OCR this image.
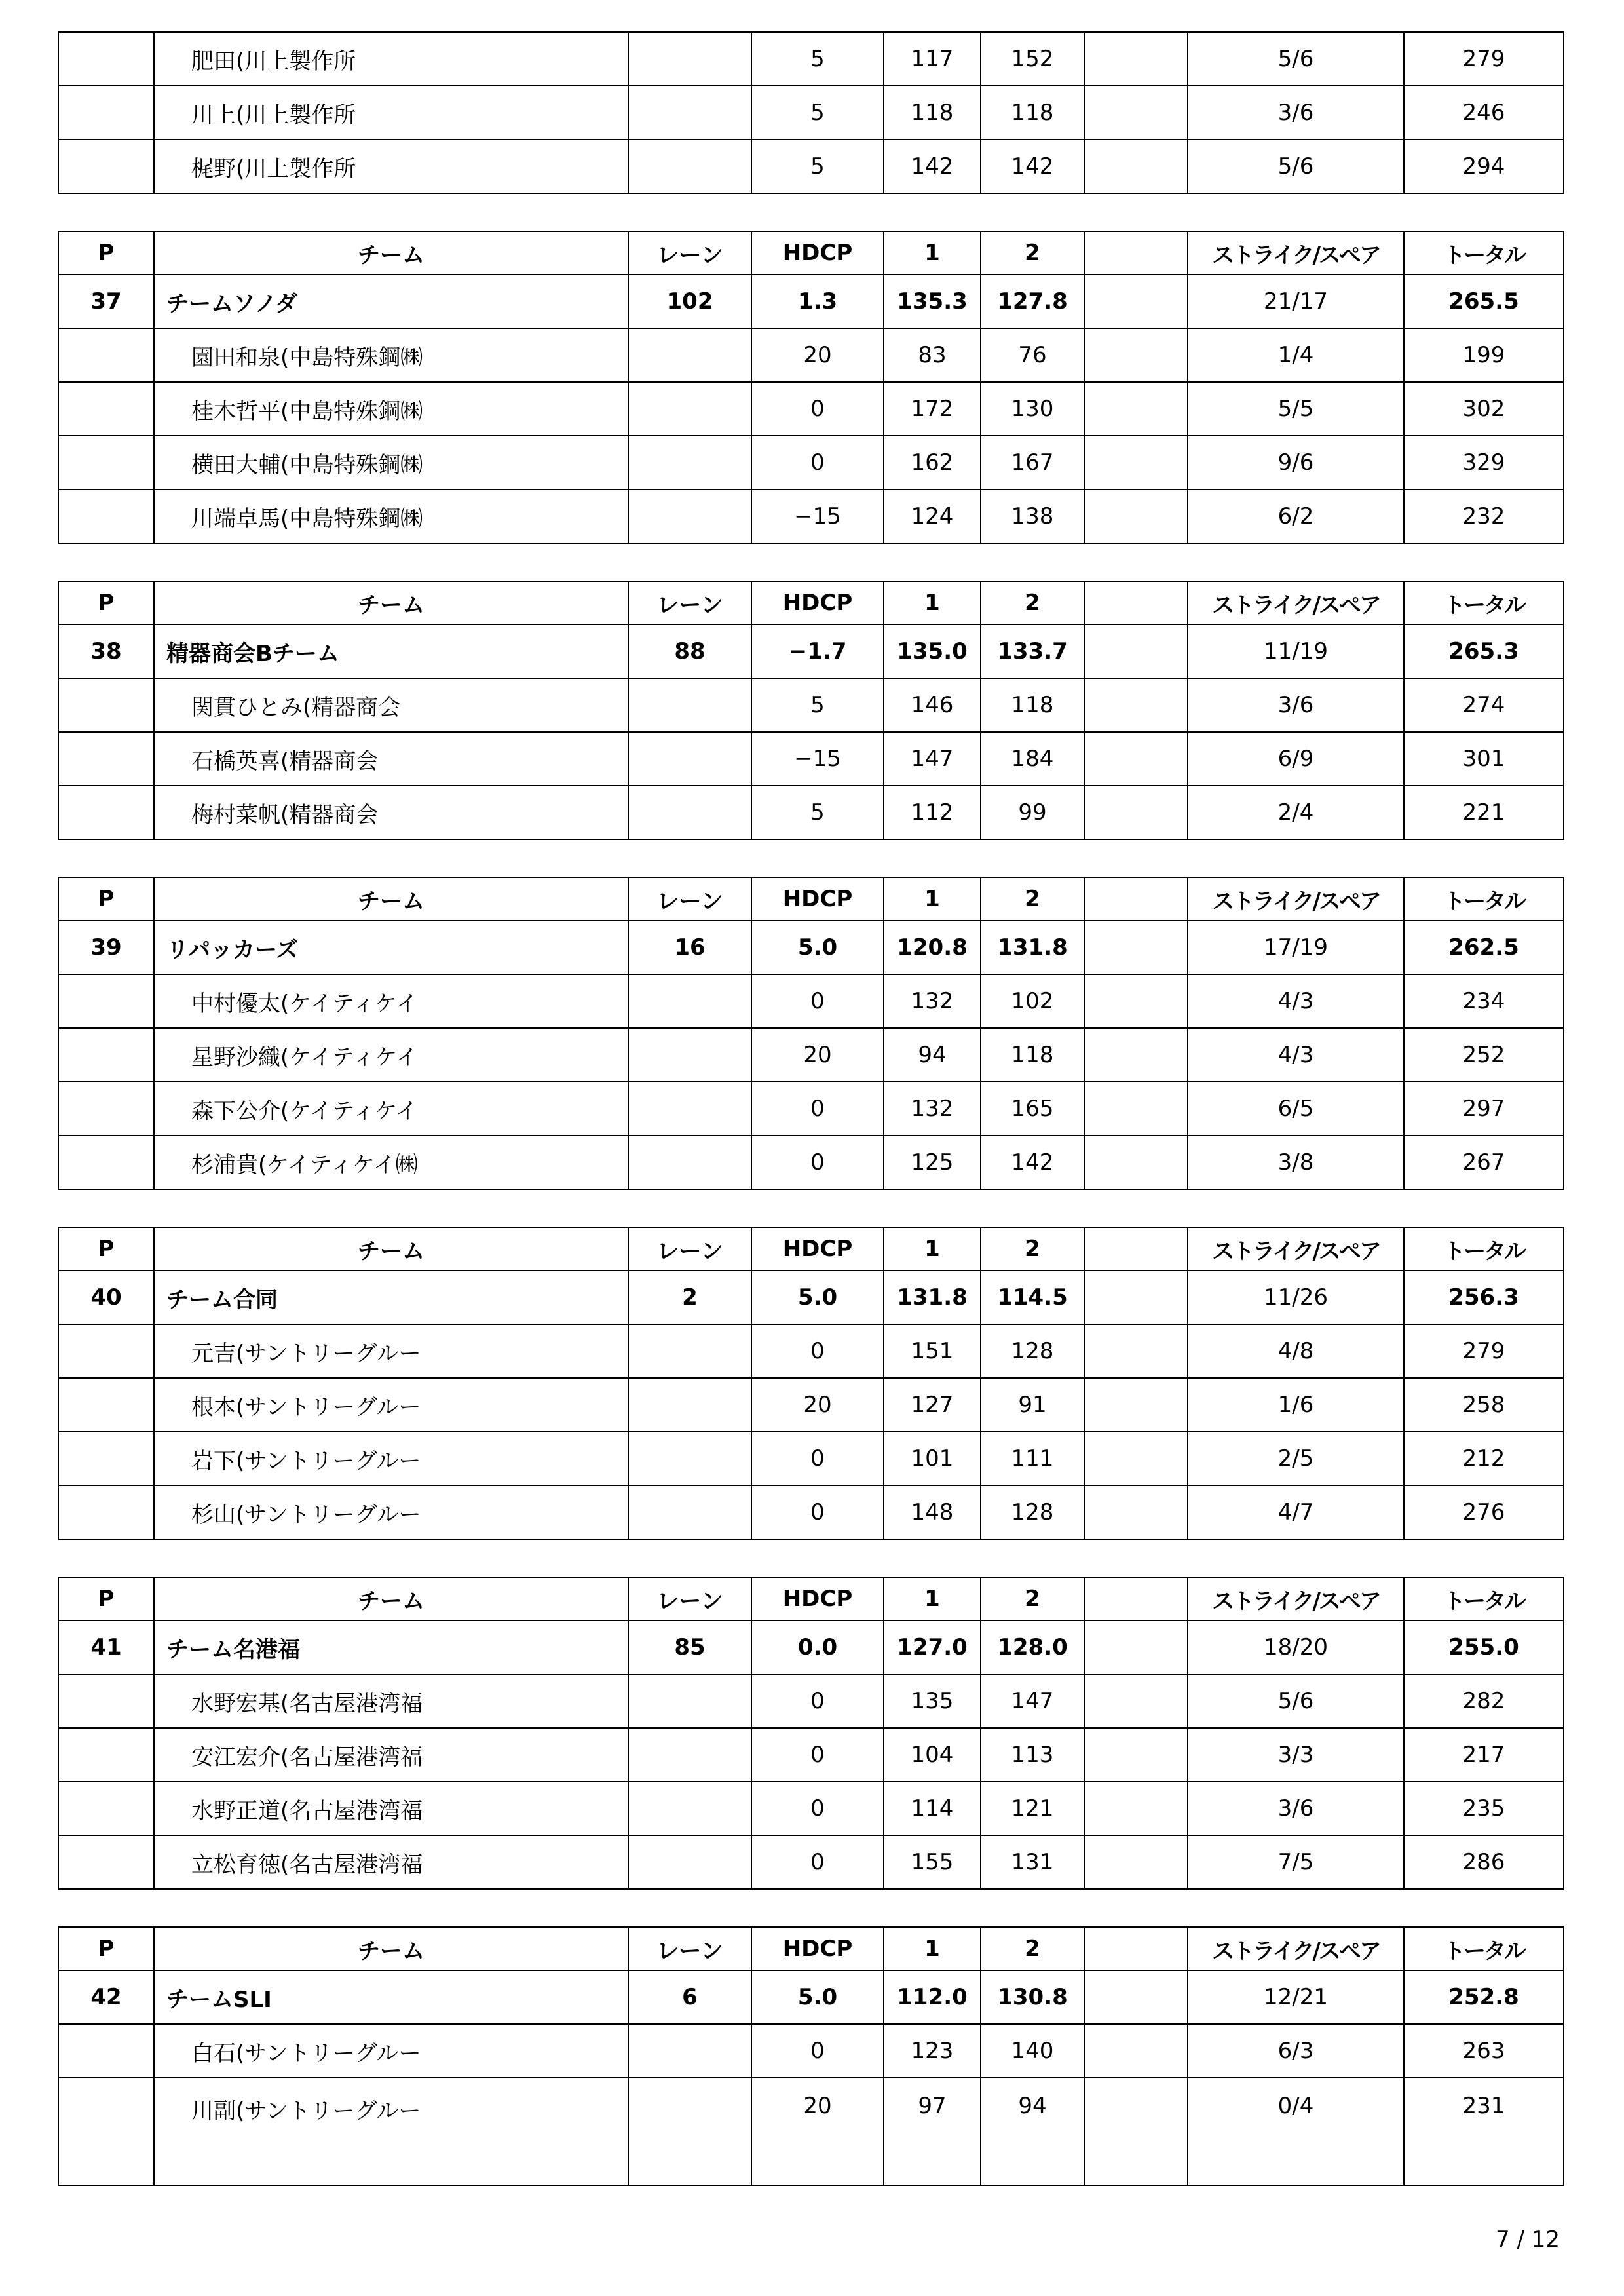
	肥田(川上製作所		5	117	152		5/6	279
	川上(川上製作所		5	118	118		3/6	246
	梶野(川上製作所		5	142	142		5/6	294
P	チーム	レーン	HDCP	1	2		ストライク/スペア	トータル
37	チームソノダ	102	1.3	135.3	127.8		21/17	265.5
	園田和泉(中島特殊鋼㈱		20	83	76		1/4	199
	桂木哲平(中島特殊鋼㈱		0	172	130		5/5	302
	横田大輔(中島特殊鋼㈱		0	162	167		9/6	329
	川端卓馬(中島特殊鋼㈱		−15	124	138		6/2	232
P	チーム	レーン	HDCP	1	2		ストライク/スペア	トータル
38	精器商会Bチーム	88	−1.7	135.0	133.7		11/19	265.3
	関貫ひとみ(精器商会		5	146	118		3/6	274
	石橋英喜(精器商会		−15	147	184		6/9	301
	梅村菜帆(精器商会		5	112	99		2/4	221
P	チーム	レーン	HDCP	1	2		ストライク/スペア	トータル
39	リパッカーズ	16	5.0	120.8	131.8		17/19	262.5
	中村優太(ケイティケイ		0	132	102		4/3	234
	星野沙織(ケイティケイ		20	94	118		4/3	252
	森下公介(ケイティケイ		0	132	165		6/5	297
	杉浦貴(ケイティケイ㈱		0	125	142		3/8	267
P	チーム	レーン	HDCP	1	2		ストライク/スペア	トータル
40	チーム合同	2	5.0	131.8	114.5		11/26	256.3
	元吉(サントリーグルー		0	151	128		4/8	279
	根本(サントリーグルー		20	127	91		1/6	258
	岩下(サントリーグルー		0	101	111		2/5	212
	杉山(サントリーグルー		0	148	128		4/7	276
P	チーム	レーン	HDCP	1	2		ストライク/スペア	トータル
41	チーム名港福	85	0.0	127.0	128.0		18/20	255.0
	水野宏基(名古屋港湾福		0	135	147		5/6	282
	安江宏介(名古屋港湾福		0	104	113		3/3	217
	水野正道(名古屋港湾福		0	114	121		3/6	235
	立松育徳(名古屋港湾福		0	155	131		7/5	286
P	チーム	レーン	HDCP	1	2		ストライク/スペア	トータル
42	チームSLI	6	5.0	112.0	130.8		12/21	252.8
	白石(サントリーグルー		0	123	140		6/3	263
	川副(サントリーグルー		20	97	94		0/4	231
7 / 12
